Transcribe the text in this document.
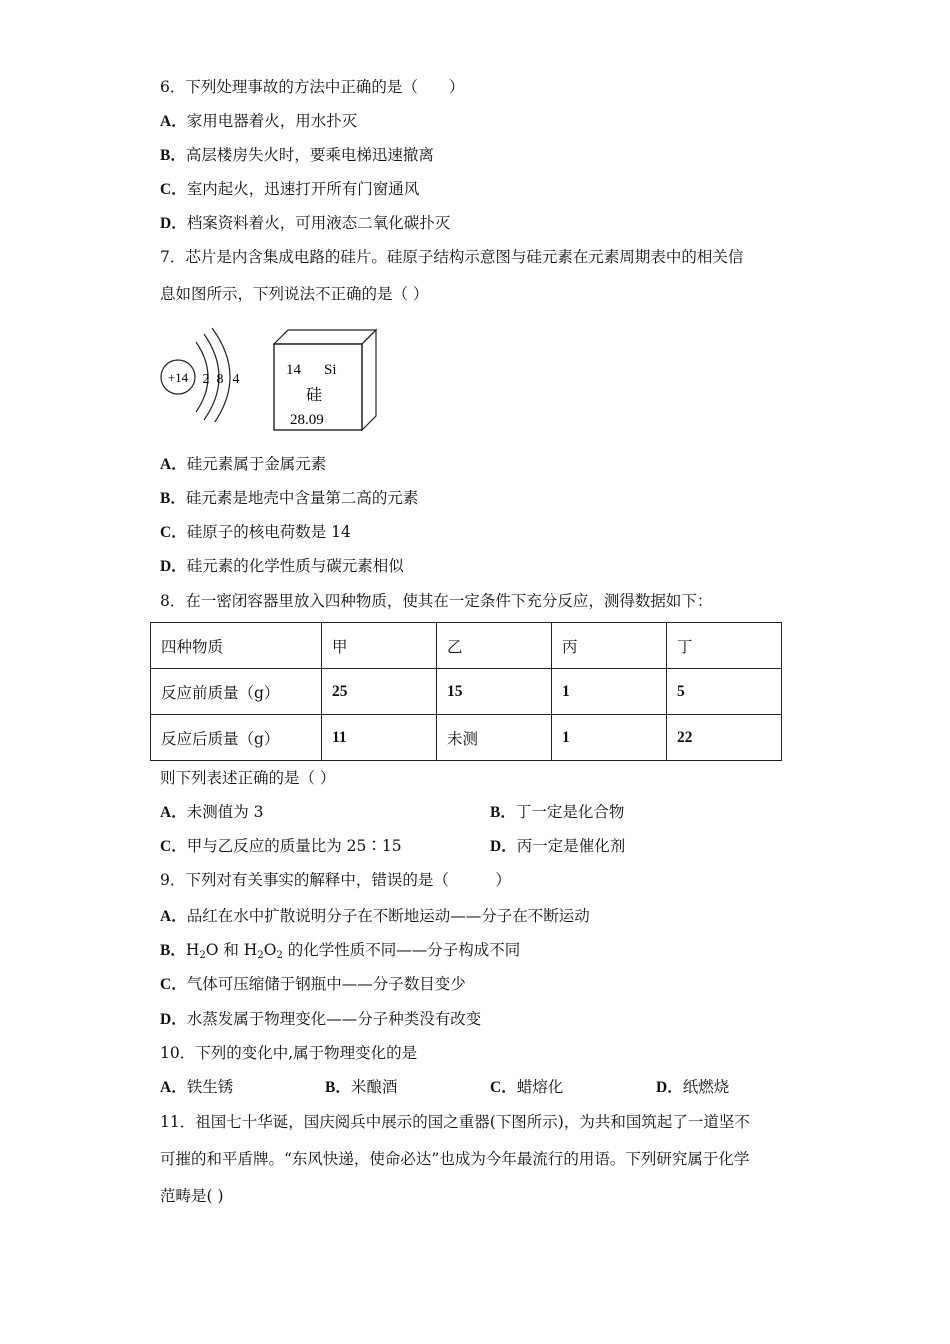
6．下列处理事故的方法中正确的是（　　）
A．家用电器着火，用水扑灭
B．高层楼房失火时，要乘电梯迅速撤离
C．室内起火，迅速打开所有门窗通风
D．档案资料着火，可用液态二氧化碳扑灭
7．芯片是内含集成电路的硅片。硅原子结构示意图与硅元素在元素周期表中的相关信
息如图所示，下列说法不正确的是（ ）
+14 2 8 4
14 Si
硅
28.09
A．硅元素属于金属元素
B．硅元素是地壳中含量第二高的元素
C．硅原子的核电荷数是 14
D．硅元素的化学性质与碳元素相似
8．在一密闭容器里放入四种物质，使其在一定条件下充分反应，测得数据如下：
四种物质	甲	乙	丙	丁
反应前质量（g）	25	15	1	5
反应后质量（g）	11	未测	1	22
则下列表述正确的是（ ）
A．未测值为 3	B．丁一定是化合物
C．甲与乙反应的质量比为 25∶15	D．丙一定是催化剂
9．下列对有关事实的解释中，错误的是（　　　）
A．品红在水中扩散说明分子在不断地运动——分子在不断运动
B．$H_2O$ 和 $H_2O_2$ 的化学性质不同——分子构成不同
C．气体可压缩储于钢瓶中——分子数目变少
D．水蒸发属于物理变化——分子种类没有改变
10．下列的变化中,属于物理变化的是
A．铁生锈	B．米酿酒	C．蜡熔化	D．纸燃烧
11．祖国七十华诞，国庆阅兵中展示的国之重器(下图所示)，为共和国筑起了一道坚不
可摧的和平盾牌。“东风快递，使命必达”也成为今年最流行的用语。下列研究属于化学
范畴是( )
